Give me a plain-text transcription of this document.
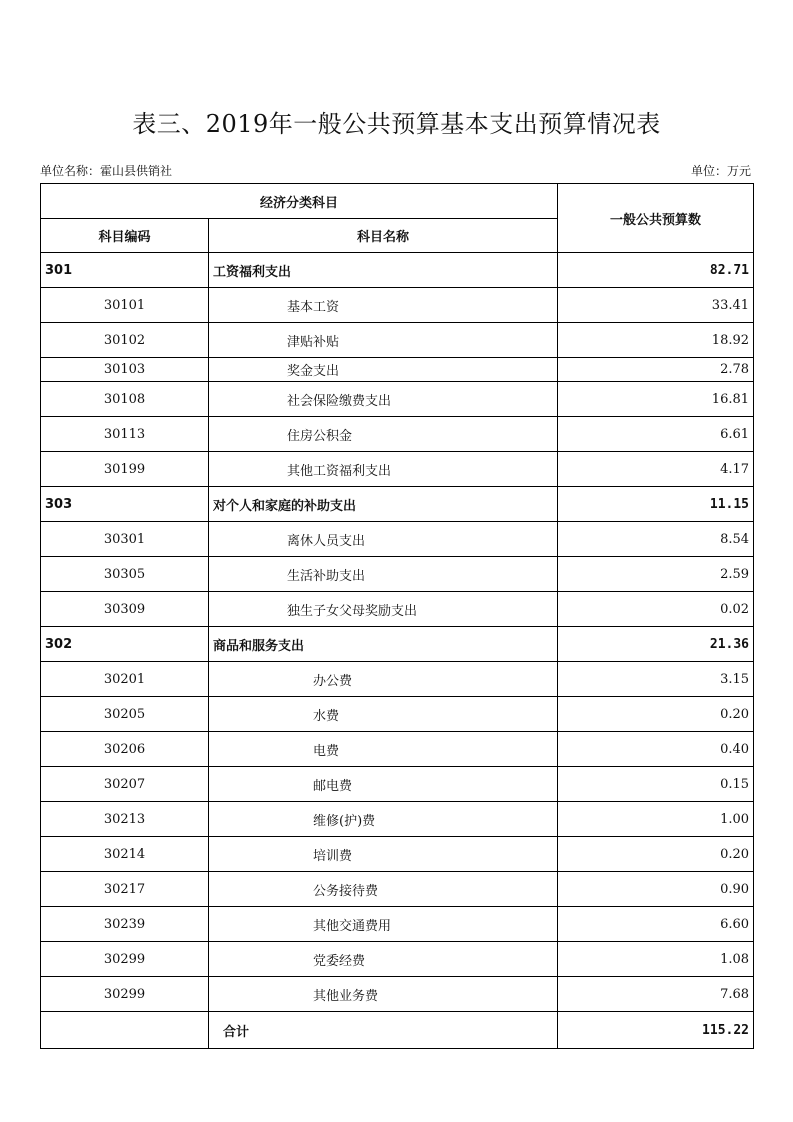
表三、2019年一般公共预算基本支出预算情况表
单位名称：霍山县供销社	单位：万元
经济分类科目		一般公共预算数
科目编码	科目名称	
301	工资福利支出	82.71
30101	基本工资	33.41
30102	津贴补贴	18.92
30103	奖金支出	2.78
30108	社会保险缴费支出	16.81
30113	住房公积金	6.61
30199	其他工资福利支出	4.17
303	对个人和家庭的补助支出	11.15
30301	离休人员支出	8.54
30305	生活补助支出	2.59
30309	独生子女父母奖励支出	0.02
302	商品和服务支出	21.36
30201	办公费	3.15
30205	水费	0.20
30206	电费	0.40
30207	邮电费	0.15
30213	维修(护)费	1.00
30214	培训费	0.20
30217	公务接待费	0.90
30239	其他交通费用	6.60
30299	党委经费	1.08
30299	其他业务费	7.68
	合计	115.22
